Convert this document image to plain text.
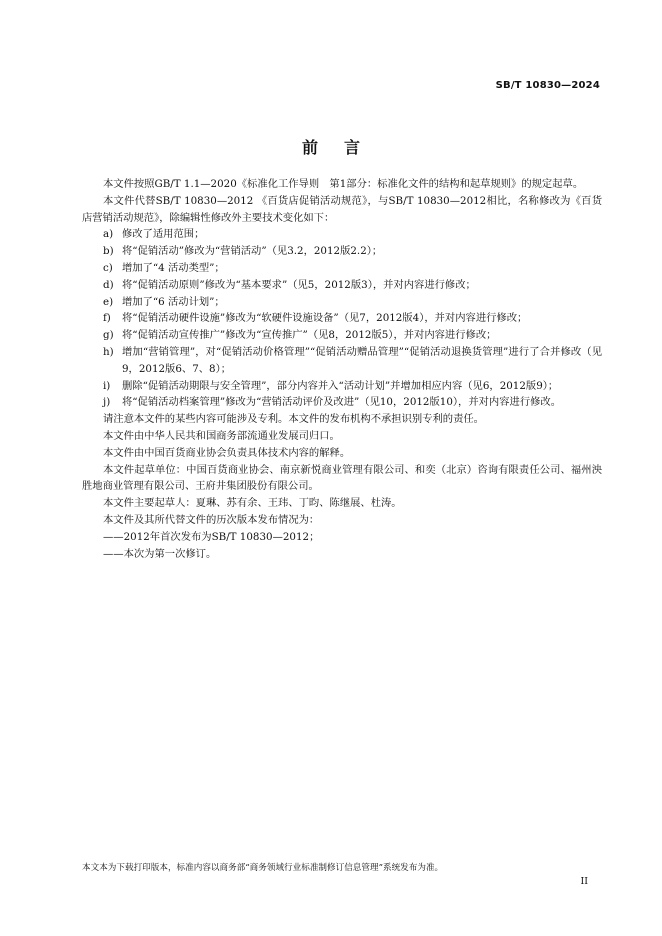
SB/T 10830—2024
前言

本文件按照GB/T 1.1—2020《标准化工作导则　第1部分：标准化文件的结构和起草规则》的规定起草。

本文件代替SB/T 10830—2012 《百货店促销活动规范》，与SB/T 10830—2012相比，名称修改为《百货店营销活动规范》，除编辑性修改外主要技术变化如下：

a) 修改了适用范围；
b) 将“促销活动”修改为“营销活动”（见3.2，2012版2.2）；
c) 增加了“4 活动类型”；
d) 将“促销活动原则”修改为“基本要求”（见5，2012版3），并对内容进行修改；
e) 增加了“6 活动计划”；
f) 将“促销活动硬件设施”修改为“软硬件设施设备”（见7，2012版4），并对内容进行修改；
g) 将“促销活动宣传推广”修改为“宣传推广”（见8，2012版5），并对内容进行修改；
h) 增加“营销管理”，对“促销活动价格管理”“促销活动赠品管理”“促销活动退换货管理”进行了合并修改（见9，2012版6、7、8）；
i) 删除“促销活动期限与安全管理”，部分内容并入“活动计划”并增加相应内容（见6，2012版9）；
j) 将“促销活动档案管理”修改为“营销活动评价及改进”（见10，2012版10），并对内容进行修改。

请注意本文件的某些内容可能涉及专利。本文件的发布机构不承担识别专利的责任。

本文件由中华人民共和国商务部流通业发展司归口。

本文件由中国百货商业协会负责具体技术内容的解释。

本文件起草单位：中国百货商业协会、南京新悦商业管理有限公司、和奕（北京）咨询有限责任公司、福州泱胜地商业管理有限公司、王府井集团股份有限公司。

本文件主要起草人：夏琳、苏有余、王玮、丁昀、陈继展、杜涛。

本文件及其所代替文件的历次版本发布情况为：

——2012年首次发布为SB/T 10830—2012；

——本次为第一次修订。

本文本为下载打印版本，标准内容以商务部“商务领域行业标准制修订信息管理”系统发布为准。
II
